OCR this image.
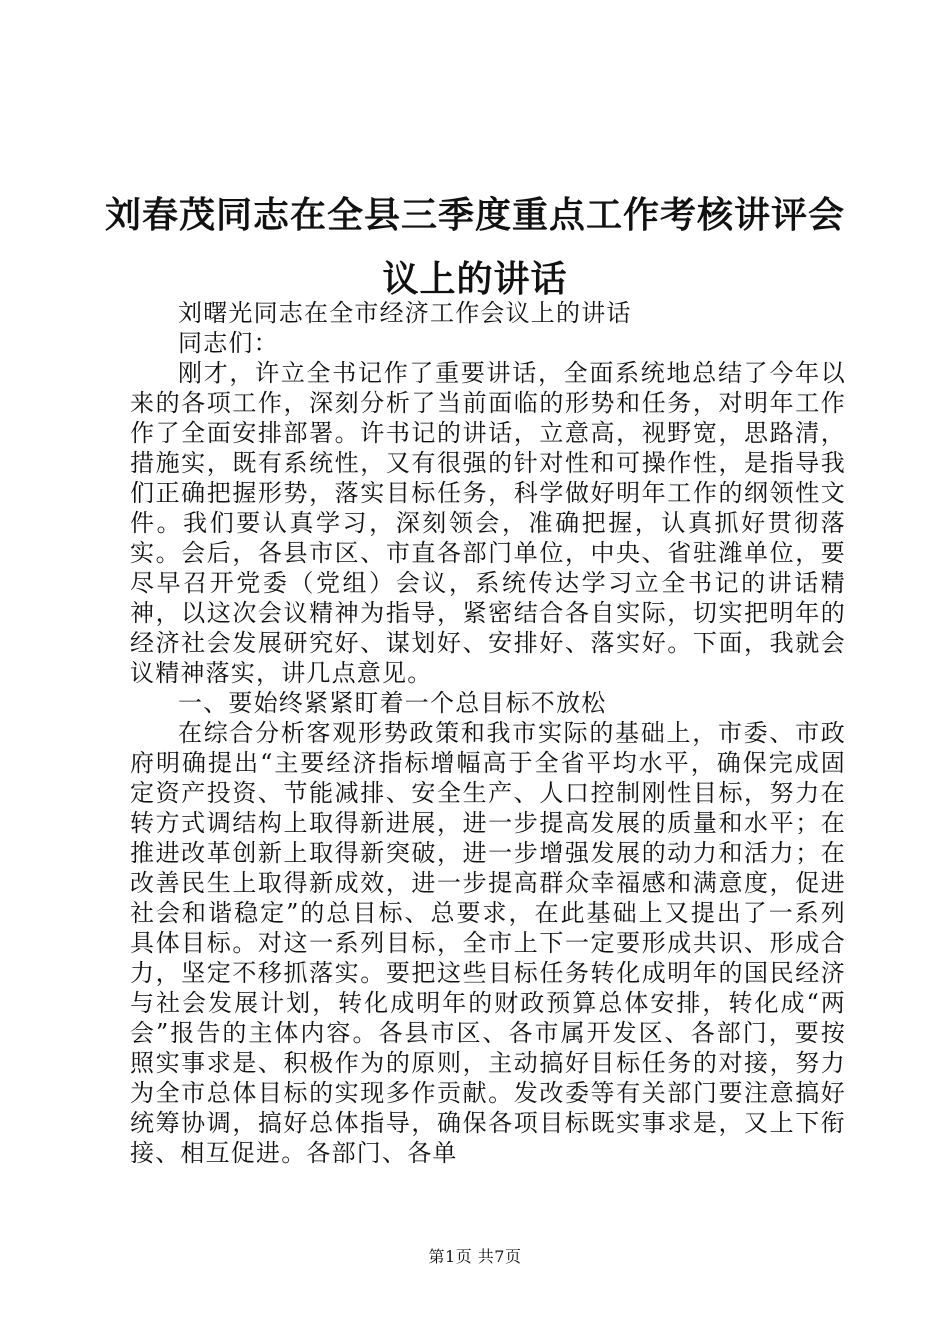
刘春茂同志在全县三季度重点工作考核讲评会
议上的讲话

刘曙光同志在全市经济工作会议上的讲话

同志们：

刚才，许立全书记作了重要讲话，全面系统地总结了今年以来的各项工作，深刻分析了当前面临的形势和任务，对明年工作作了全面安排部署。许书记的讲话，立意高，视野宽，思路清，措施实，既有系统性，又有很强的针对性和可操作性，是指导我们正确把握形势，落实目标任务，科学做好明年工作的纲领性文件。我们要认真学习，深刻领会，准确把握，认真抓好贯彻落实。会后，各县市区、市直各部门单位，中央、省驻潍单位，要尽早召开党委（党组）会议，系统传达学习立全书记的讲话精神，以这次会议精神为指导，紧密结合各自实际，切实把明年的经济社会发展研究好、谋划好、安排好、落实好。下面，我就会议精神落实，讲几点意见。

一、要始终紧紧盯着一个总目标不放松

在综合分析客观形势政策和我市实际的基础上，市委、市政府明确提出“主要经济指标增幅高于全省平均水平，确保完成固定资产投资、节能减排、安全生产、人口控制刚性目标，努力在转方式调结构上取得新进展，进一步提高发展的质量和水平；在推进改革创新上取得新突破，进一步增强发展的动力和活力；在改善民生上取得新成效，进一步提高群众幸福感和满意度，促进社会和谐稳定”的总目标、总要求，在此基础上又提出了一系列具体目标。对这一系列目标，全市上下一定要形成共识、形成合力，坚定不移抓落实。要把这些目标任务转化成明年的国民经济与社会发展计划，转化成明年的财政预算总体安排，转化成“两会”报告的主体内容。各县市区、各市属开发区、各部门，要按照实事求是、积极作为的原则，主动搞好目标任务的对接，努力为全市总体目标的实现多作贡献。发改委等有关部门要注意搞好统筹协调，搞好总体指导，确保各项目标既实事求是，又上下衔接、相互促进。各部门、各单

第1页 共7页
